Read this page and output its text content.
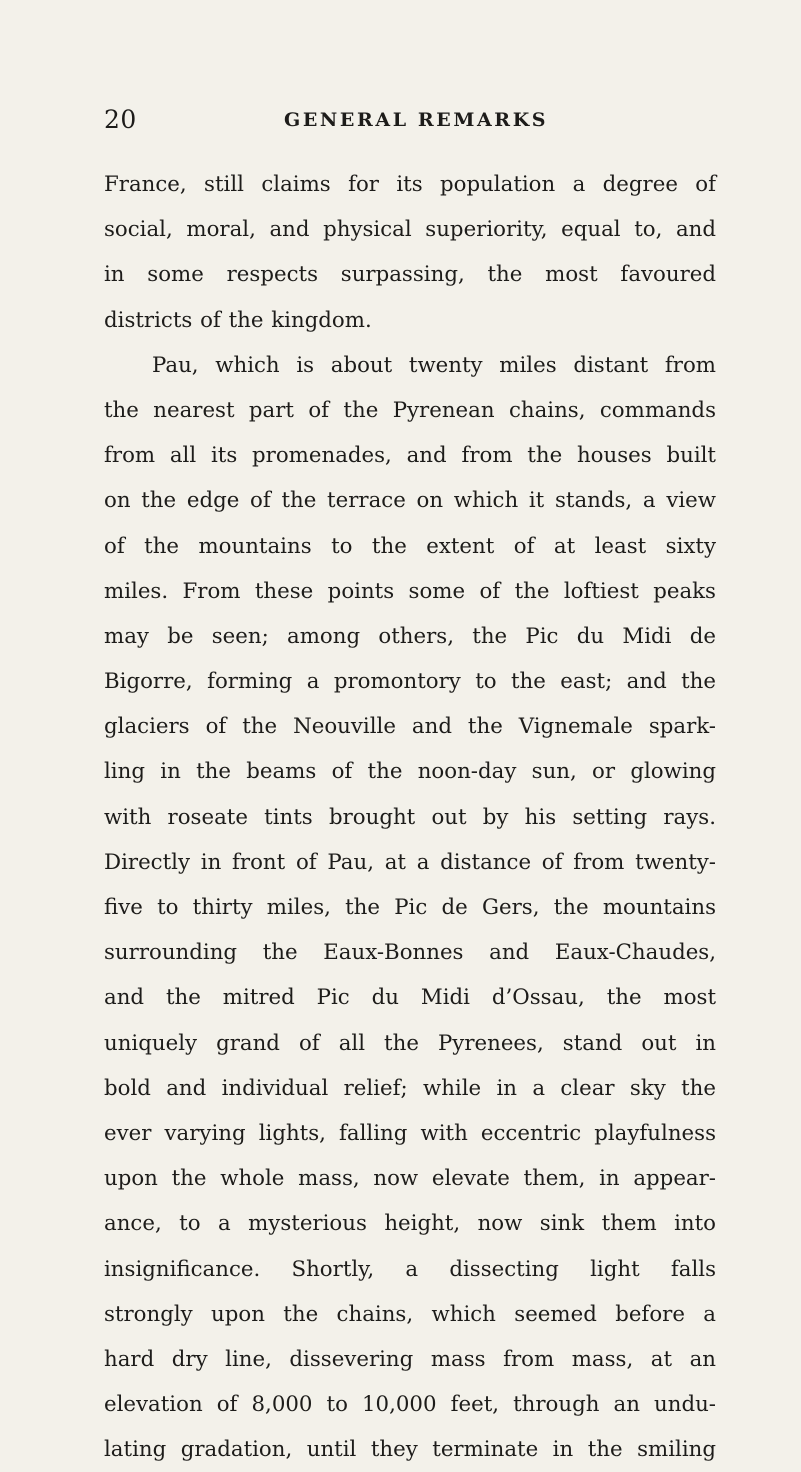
20	GENERAL REMARKS
France, still claims for its population a degree of
social, moral, and physical superiority, equal to, and
in some respects surpassing, the most favoured
districts of the kingdom.
Pau, which is about twenty miles distant from
the nearest part of the Pyrenean chains, commands
from all its promenades, and from the houses built
on the edge of the terrace on which it stands, a view
of the mountains to the extent of at least sixty
miles. From these points some of the loftiest peaks
may be seen; among others, the Pic du Midi de
Bigorre, forming a promontory to the east; and the
glaciers of the Neouville and the Vignemale spark-
ling in the beams of the noon-day sun, or glowing
with roseate tints brought out by his setting rays.
Directly in front of Pau, at a distance of from twenty-
five to thirty miles, the Pic de Gers, the mountains
surrounding the Eaux-Bonnes and Eaux-Chaudes,
and the mitred Pic du Midi d’Ossau, the most
uniquely grand of all the Pyrenees, stand out in
bold and individual relief; while in a clear sky the
ever varying lights, falling with eccentric playfulness
upon the whole mass, now elevate them, in appear-
ance, to a mysterious height, now sink them into
insignificance. Shortly, a dissecting light falls
strongly upon the chains, which seemed before a
hard dry line, dissevering mass from mass, at an
elevation of 8,000 to 10,000 feet, through an undu-
lating gradation, until they terminate in the smiling
